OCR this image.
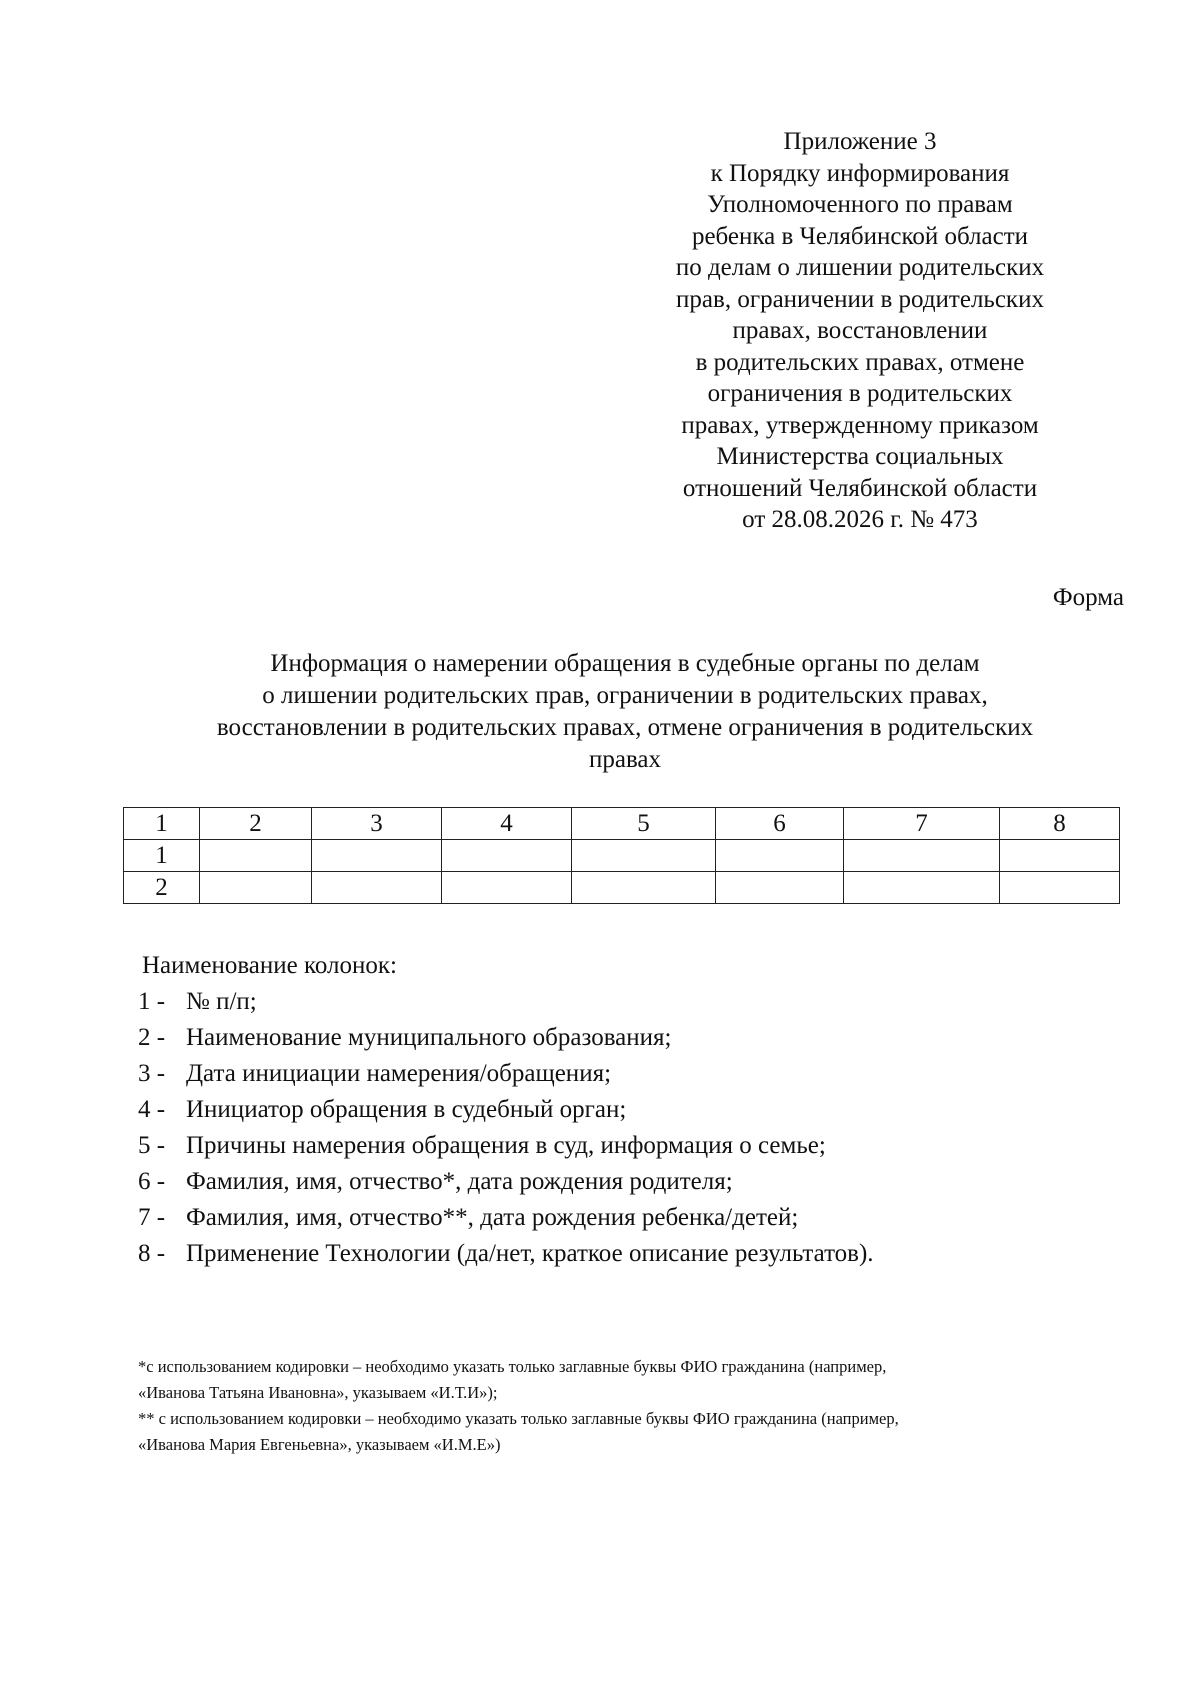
Приложение 3
к Порядку информирования
Уполномоченного по правам
ребенка в Челябинской области
по делам о лишении родительских
прав, ограничении в родительских
правах, восстановлении
в родительских правах, отмене
ограничения в родительских
правах, утвержденному приказом
Министерства социальных
отношений Челябинской области
от 28.08.2026 г. № 473
Форма
Информация о намерении обращения в судебные органы по делам
о лишении родительских прав, ограничении в родительских правах,
восстановлении в родительских правах, отмене ограничения в родительских
правах
1	2	3	4	5	6	7	8
1							
2							
Наименование колонок:
1 - № п/п;
2 - Наименование муниципального образования;
3 - Дата инициации намерения/обращения;
4 - Инициатор обращения в судебный орган;
5 - Причины намерения обращения в суд, информация о семье;
6 - Фамилия, имя, отчество*, дата рождения родителя;
7 - Фамилия, имя, отчество**, дата рождения ребенка/детей;
8 - Применение Технологии (да/нет, краткое описание результатов).
*с использованием кодировки – необходимо указать только заглавные буквы ФИО гражданина (например,
«Иванова Татьяна Ивановна», указываем «И.Т.И»);
** с использованием кодировки – необходимо указать только заглавные буквы ФИО гражданина (например,
«Иванова Мария Евгеньевна», указываем «И.М.Е»)
